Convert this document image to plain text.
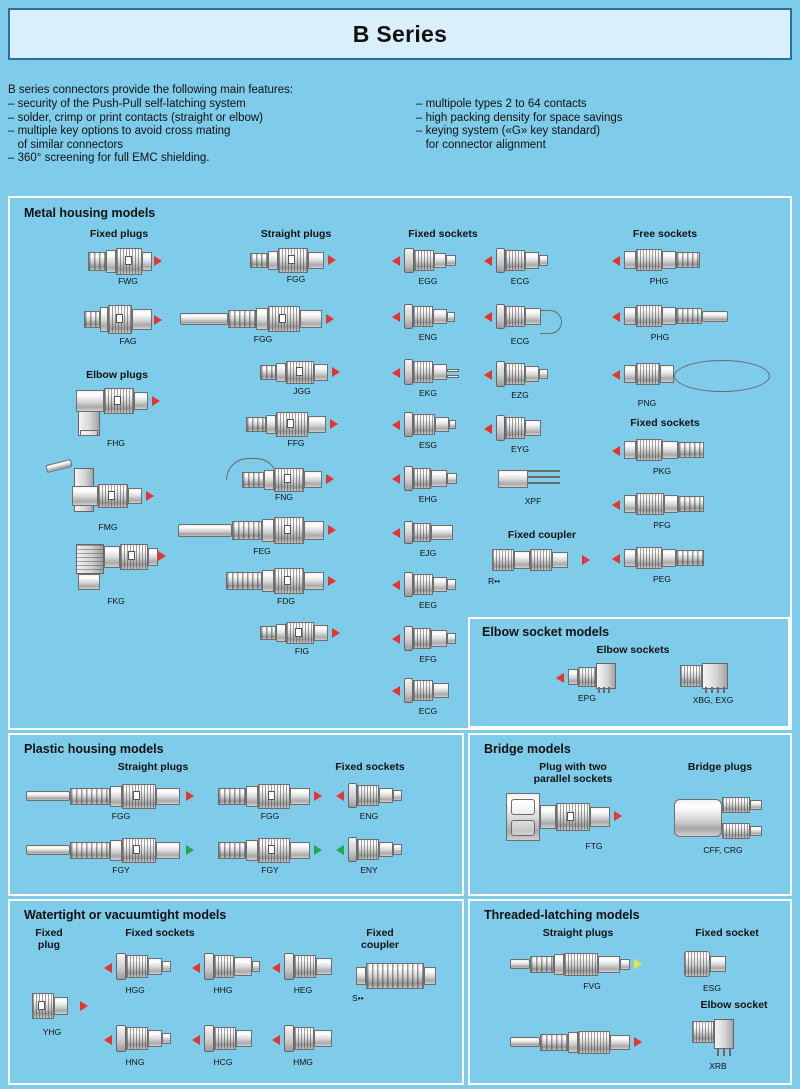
B Series
B series connectors provide the following main features:
– security of the Push-Pull self-latching system
– solder, crimp or print contacts (straight or elbow)
– multiple key options to avoid cross mating
of similar connectors
– 360° screening for full EMC shielding.
– multipole types 2 to 64 contacts
– high packing density for space savings
– keying system («G» key standard)
for connector alignment
Metal housing models
Fixed plugs
Elbow plugs
Straight plugs	Fixed sockets	Free sockets
Fixed sockets
Fixed coupler
FWG
FAG
FHG
FMG
FKG
FGG
FGG
JGG
FFG
FNG
FEG
FDG
FIG
EGG
ENG
EKG
ESG
EHG
EJG
EEG
EFG
ECG
ECG
ECG
EZG
EYG
XPF
R••
PHG
PHG
PNG
PKG
PFG
PEG
Elbow socket models
Elbow sockets
EPG	XBG, EXG
Plastic housing models
Straight plugs	Fixed sockets
FGG
FGY
FGG
FGY
ENG
ENY
Bridge models
Plug with two
parallel sockets
Bridge plugs
FTG	CFF, CRG
Watertight or vacuumtight models
Fixed
plug
Fixed sockets	Fixed
coupler
YHG
HGG	HHG	HEG
HNG	HCG	HMG
S••
Threaded-latching models
Straight plugs	Fixed socket
Elbow socket
FVG	ESG
XRB
